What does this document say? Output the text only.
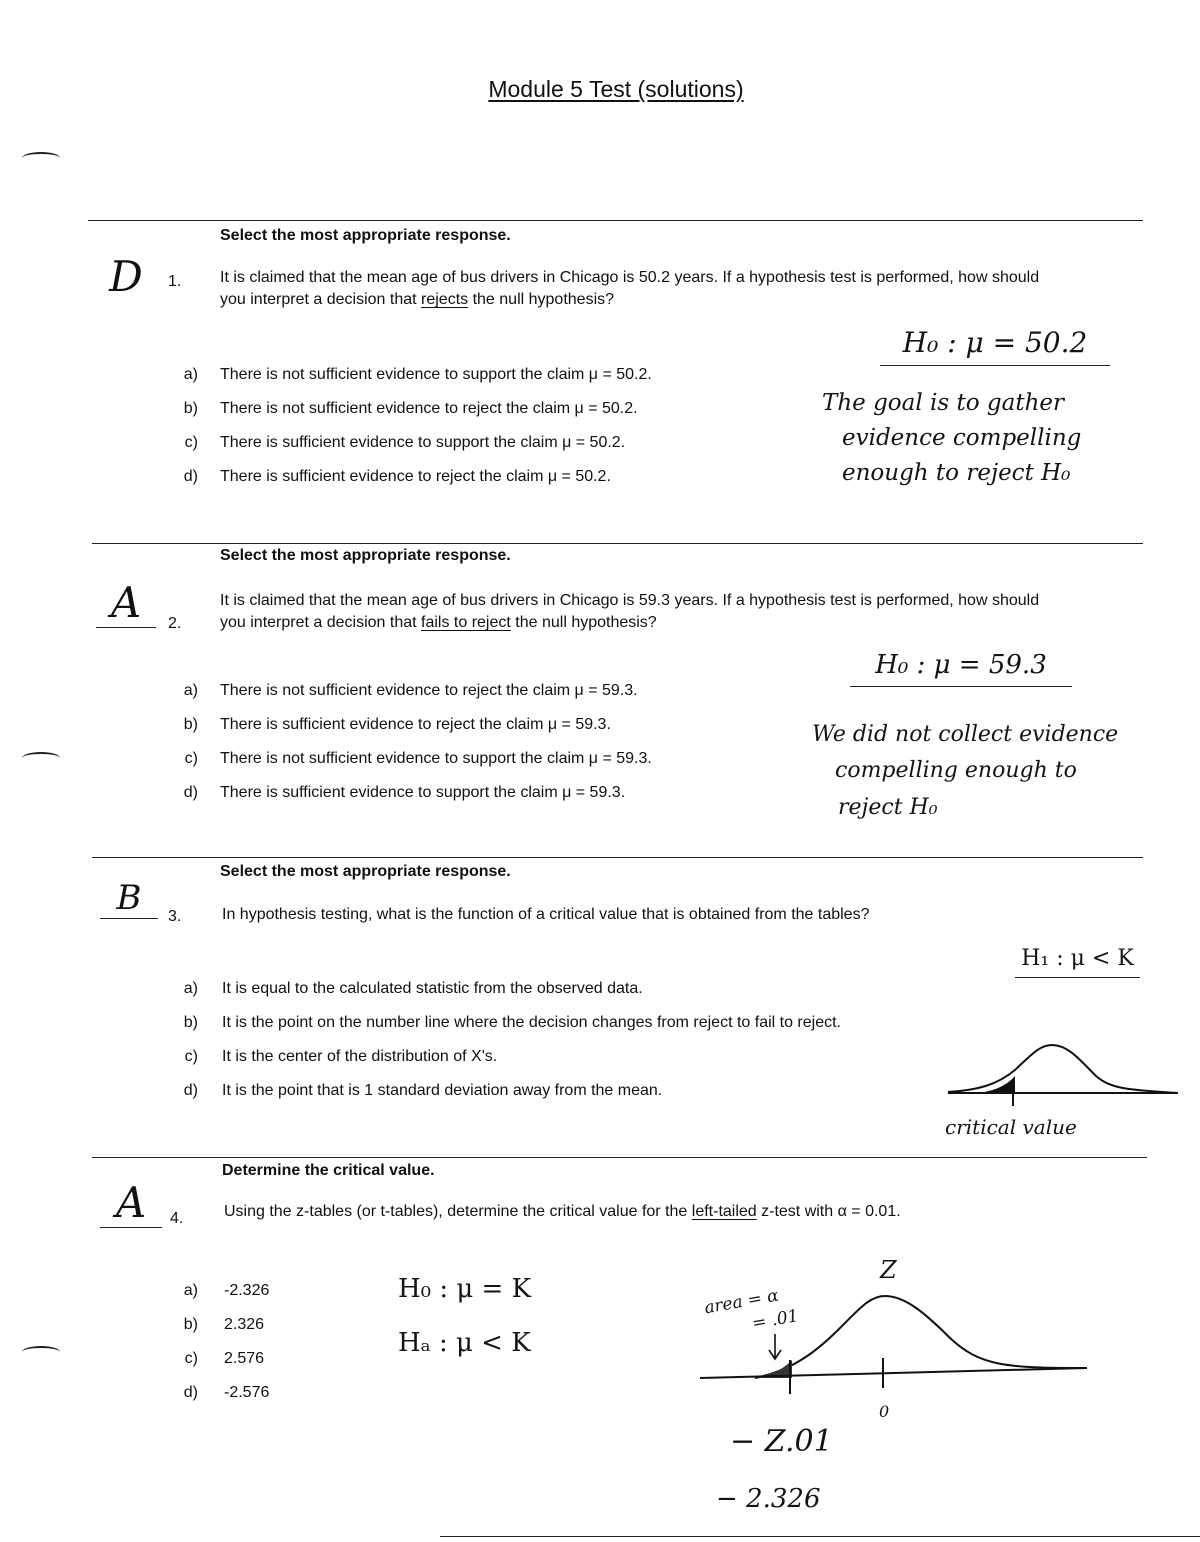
Module 5 Test (solutions)
Select the most appropriate response.
D	1. It is claimed that the mean age of bus drivers in Chicago is 50.2 years. If a hypothesis test is performed, how should you interpret a decision that rejects the null hypothesis?
a) There is not sufficient evidence to support the claim μ = 50.2.
b) There is not sufficient evidence to reject the claim μ = 50.2.
c) There is sufficient evidence to support the claim μ = 50.2.
d) There is sufficient evidence to reject the claim μ = 50.2.
H₀ : μ = 50.2
The goal is to gather
evidence compelling
enough to reject H₀
Select the most appropriate response.
A	2.
It is claimed that the mean age of bus drivers in Chicago is 59.3 years. If a hypothesis test is performed, how should you interpret a decision that fails to reject the null hypothesis?
a) There is not sufficient evidence to reject the claim μ = 59.3.
b) There is sufficient evidence to reject the claim μ = 59.3.
c) There is not sufficient evidence to support the claim μ = 59.3.
d) There is sufficient evidence to support the claim μ = 59.3.
H₀ : μ = 59.3
We did not collect evidence
compelling enough to
reject H₀
Select the most appropriate response.
B	3.	In hypothesis testing, what is the function of a critical value that is obtained from the tables?
a) It is equal to the calculated statistic from the observed data.
b) It is the point on the number line where the decision changes from reject to fail to reject.
c) It is the center of the distribution of X's.
d) It is the point that is 1 standard deviation away from the mean.
H₁ : μ < K
critical value
Determine the critical value.
A	4.	Using the z-tables (or t-tables), determine the critical value for the left-tailed z-test with α = 0.01.
a) -2.326
b) 2.326
c) 2.576
d) -2.576
H₀ : μ = K
Hₐ : μ < K
Z
area = α
= .01
0
− Z.01
− 2.326
